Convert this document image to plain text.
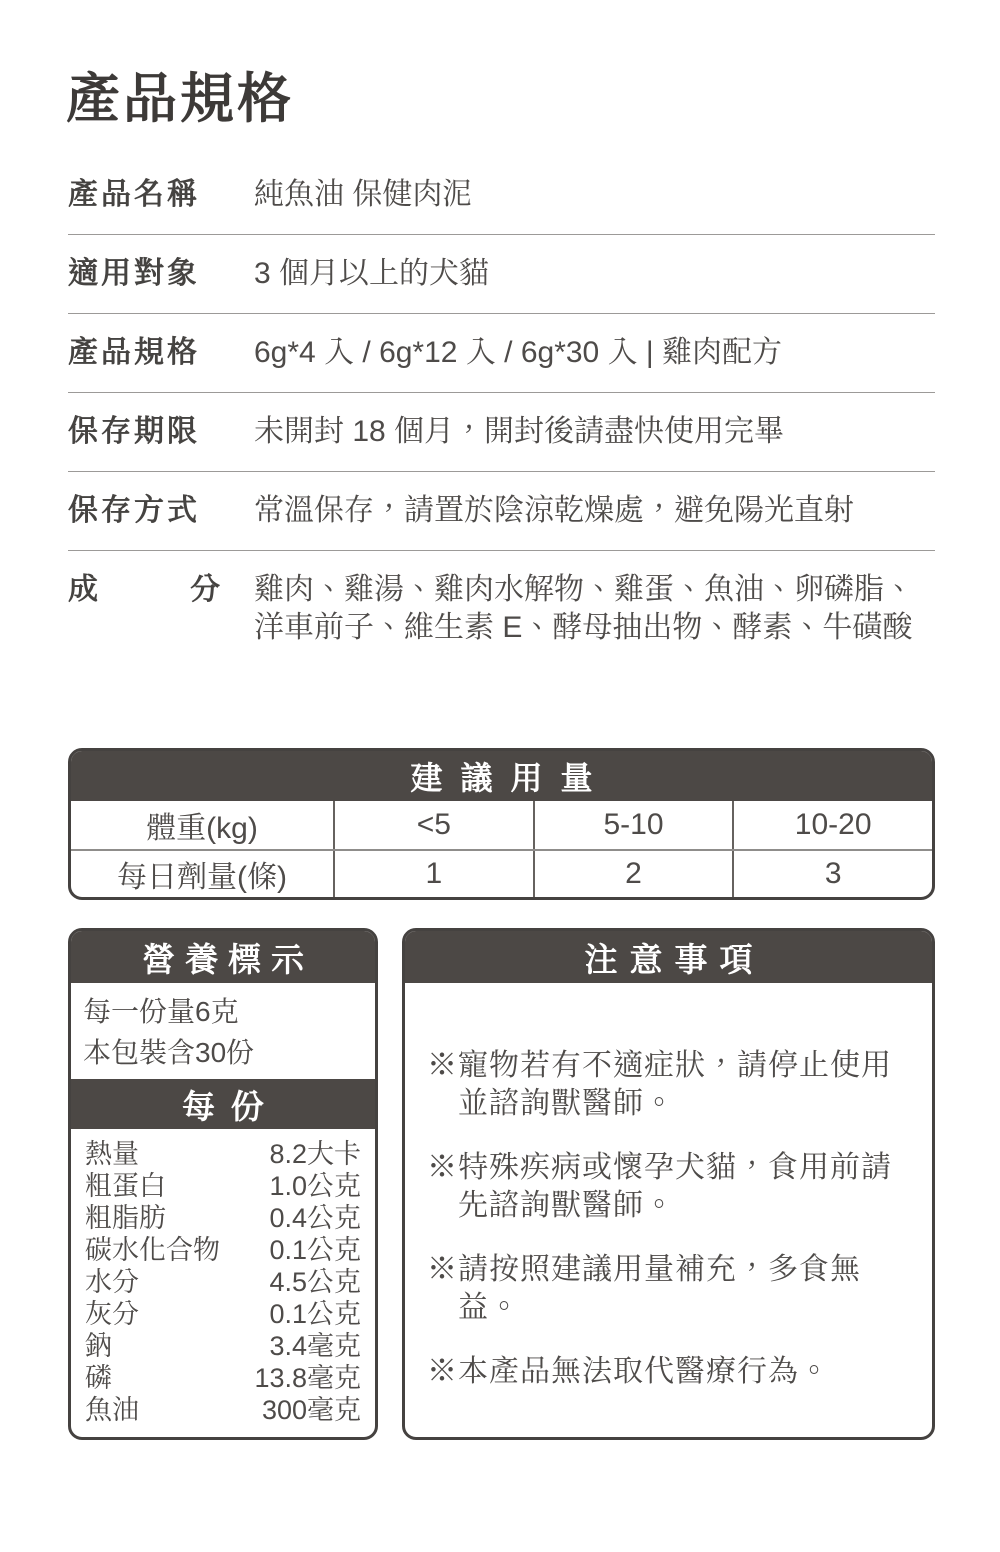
產品規格
產品名稱	純魚油 保健肉泥
適用對象	3 個月以上的犬貓
產品規格	6g*4 入 / 6g*12 入 / 6g*30 入 | 雞肉配方
保存期限	未開封 18 個月，開封後請盡快使用完畢
保存方式	常溫保存，請置於陰涼乾燥處，避免陽光直射
成分 雞肉、雞湯、雞肉水解物、雞蛋、魚油、卵磷脂、洋車前子、維生素 E、酵母抽出物、酵素、牛磺酸
建議用量
體重(kg)	<5	5-10	10-20
每日劑量(條)	1	2	3
營養標示
每一份量6克
本包裝含30份
每份
熱量	8.2大卡
粗蛋白	1.0公克
粗脂肪	0.4公克
碳水化合物 0.1公克
水分	4.5公克
灰分	0.1公克
鈉	3.4毫克
磷	13.8毫克
魚油	300毫克
注意事項

※寵物若有不適症狀，請停止使用並諮詢獸醫師。

※特殊疾病或懷孕犬貓，食用前請先諮詢獸醫師。

※請按照建議用量補充，多食無益。

※本產品無法取代醫療行為。
